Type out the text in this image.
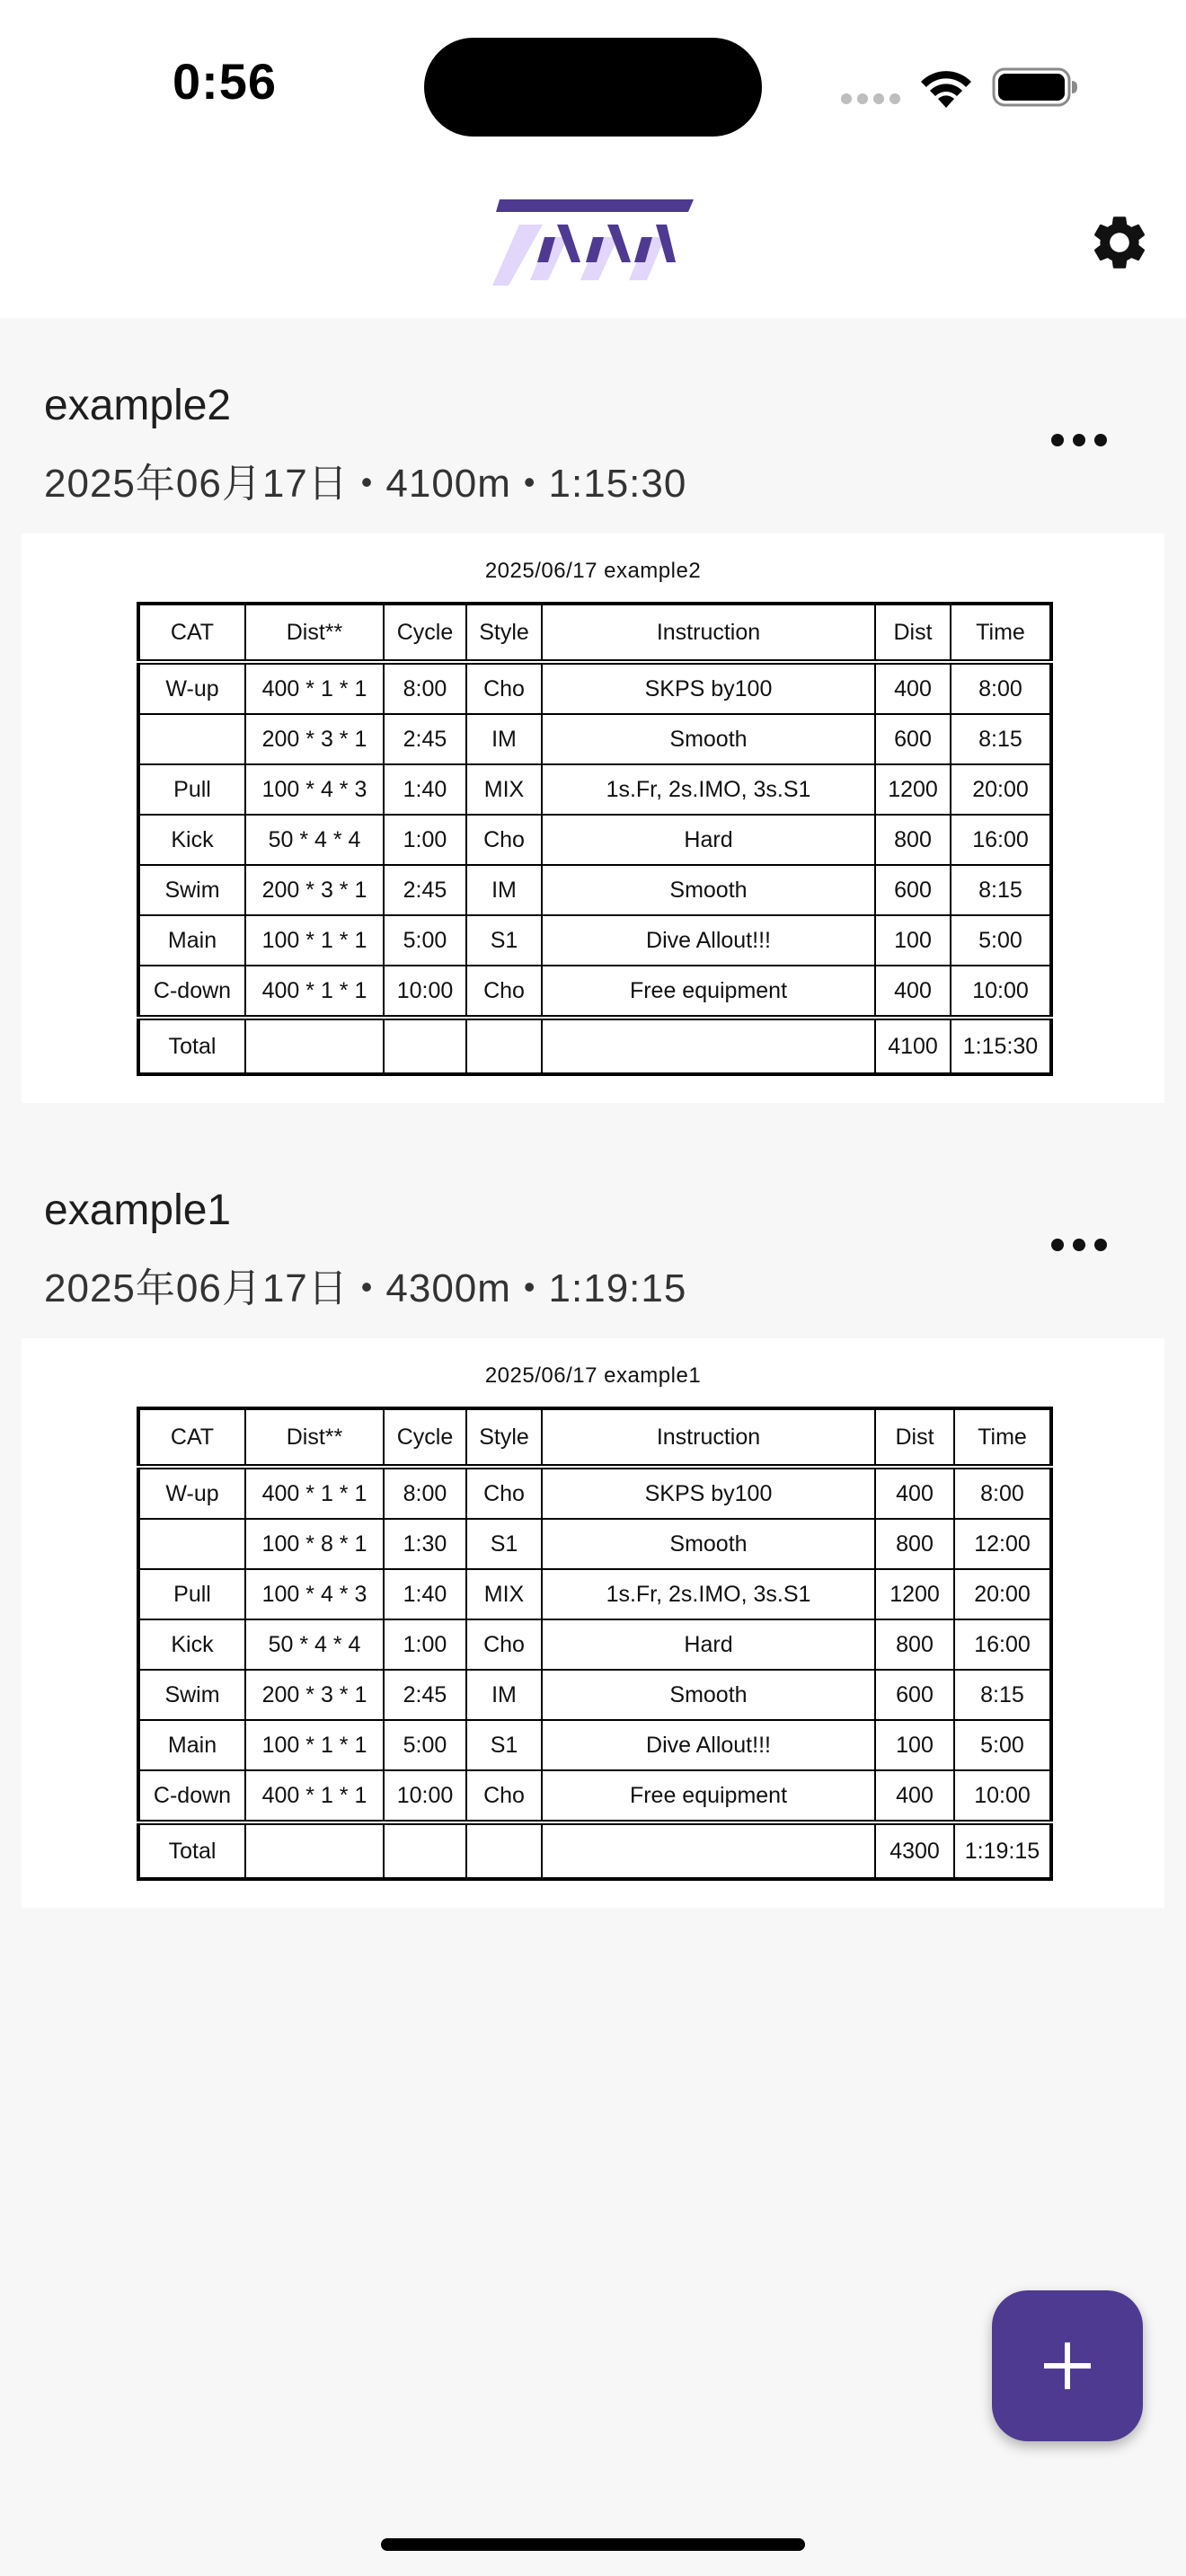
0:56
example2
2025年06月17日 • 4100m • 1:15:30
2025/06/17 example2
CAT	Dist**	Cycle	Style	Instruction	Dist	Time
W-up	400 * 1 * 1	8:00	Cho	SKPS by100	400	8:00
	200 * 3 * 1	2:45	IM	Smooth	600	8:15
Pull	100 * 4 * 3	1:40	MIX	1s.Fr, 2s.IMO, 3s.S1	1200	20:00
Kick	50 * 4 * 4	1:00	Cho	Hard	800	16:00
Swim	200 * 3 * 1	2:45	IM	Smooth	600	8:15
Main	100 * 1 * 1	5:00	S1	Dive Allout!!!	100	5:00
C-down	400 * 1 * 1	10:00	Cho	Free equipment	400	10:00
Total					4100	1:15:30
example1
2025年06月17日 • 4300m • 1:19:15
2025/06/17 example1
CAT	Dist**	Cycle	Style	Instruction	Dist	Time
W-up	400 * 1 * 1	8:00	Cho	SKPS by100	400	8:00
	100 * 8 * 1	1:30	S1	Smooth	800	12:00
Pull	100 * 4 * 3	1:40	MIX	1s.Fr, 2s.IMO, 3s.S1	1200	20:00
Kick	50 * 4 * 4	1:00	Cho	Hard	800	16:00
Swim	200 * 3 * 1	2:45	IM	Smooth	600	8:15
Main	100 * 1 * 1	5:00	S1	Dive Allout!!!	100	5:00
C-down	400 * 1 * 1	10:00	Cho	Free equipment	400	10:00
Total					4300	1:19:15
